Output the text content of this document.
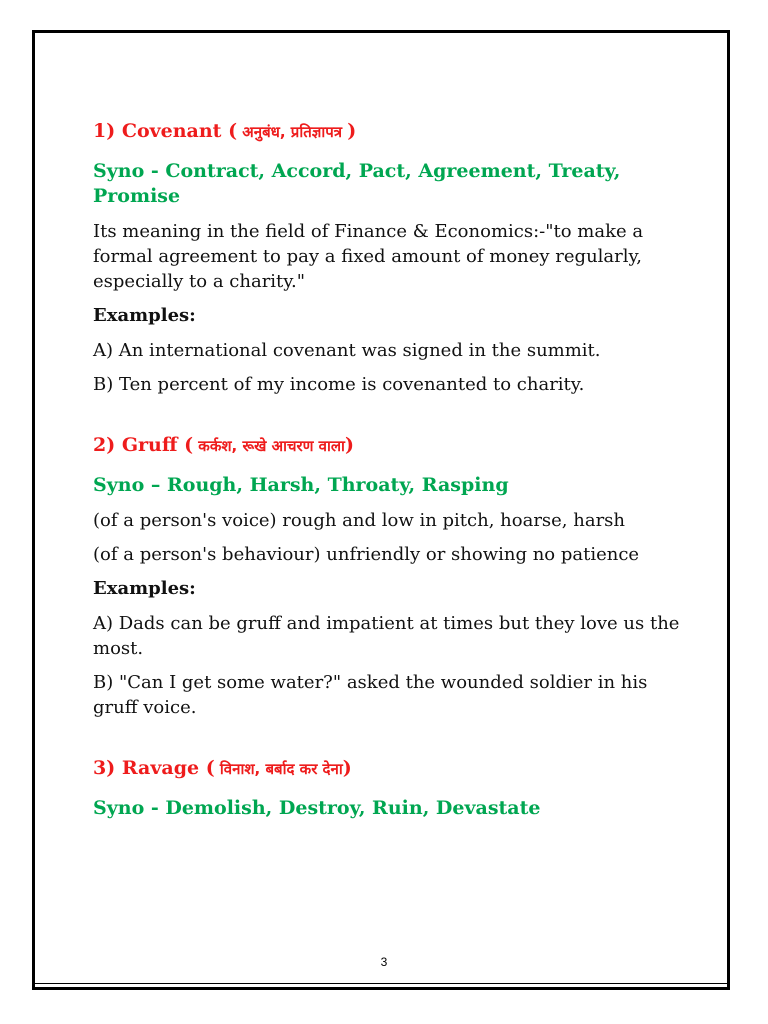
1) Covenant ( अनुबंध, प्रतिज्ञापत्र )

Syno - Contract, Accord, Pact, Agreement, Treaty, Promise

Its meaning in the field of Finance & Economics:-"to make a formal agreement to pay a fixed amount of money regularly, especially to a charity."

Examples:

A) An international covenant was signed in the summit.

B) Ten percent of my income is covenanted to charity.

2) Gruff ( कर्कश, रूखे आचरण वाला)

Syno – Rough, Harsh, Throaty, Rasping

(of a person's voice) rough and low in pitch, hoarse, harsh

(of a person's behaviour) unfriendly or showing no patience

Examples:

A) Dads can be gruff and impatient at times but they love us the most.

B) "Can I get some water?" asked the wounded soldier in his gruff voice.

3) Ravage ( विनाश, बर्बाद कर देना)

Syno - Demolish, Destroy, Ruin, Devastate

3
